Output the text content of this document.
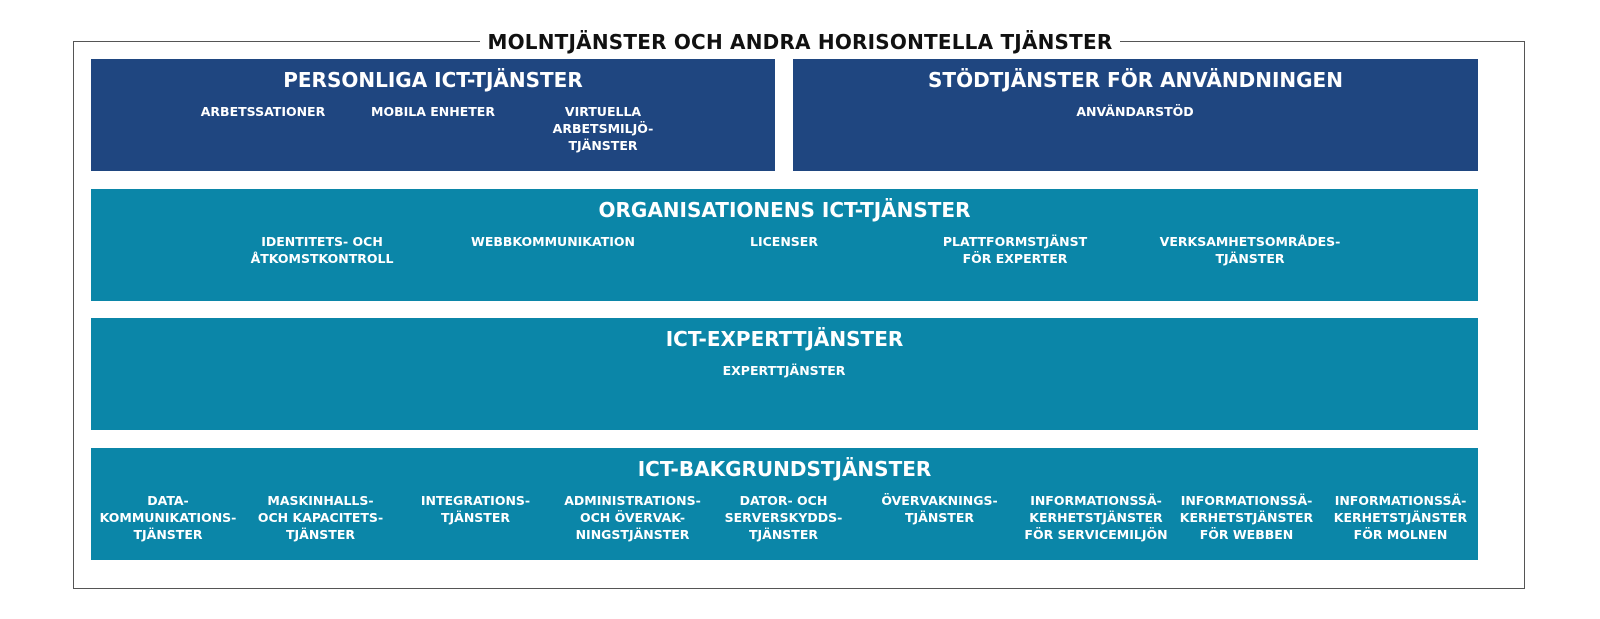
MOLNTJÄNSTER OCH ANDRA HORISONTELLA TJÄNSTER
PERSONLIGA ICT-TJÄNSTER
ARBETSSATIONER	MOBILA ENHETER	VIRTUELLA
ARBETSMILJÖ-
TJÄNSTER
STÖDTJÄNSTER FÖR ANVÄNDNINGEN
ANVÄNDARSTÖD
ORGANISATIONENS ICT-TJÄNSTER
IDENTITETS- OCH
ÅTKOMSTKONTROLL
WEBBKOMMUNIKATION	LICENSER	PLATTFORMSTJÄNST
FÖR EXPERTER
VERKSAMHETSOMRÅDES-
TJÄNSTER
ICT-EXPERTTJÄNSTER
EXPERTTJÄNSTER
ICT-BAKGRUNDSTJÄNSTER
DATA-
KOMMUNIKATIONS-
TJÄNSTER
MASKINHALLS-
OCH KAPACITETS-
TJÄNSTER
INTEGRATIONS-
TJÄNSTER
ADMINISTRATIONS-
OCH ÖVERVAK-
NINGSTJÄNSTER
DATOR- OCH
SERVERSKYDDS-
TJÄNSTER
ÖVERVAKNINGS-
TJÄNSTER
INFORMATIONSSÄ-
KERHETSTJÄNSTER
FÖR SERVICEMILJÖN
INFORMATIONSSÄ-
KERHETSTJÄNSTER
FÖR WEBBEN
INFORMATIONSSÄ-
KERHETSTJÄNSTER
FÖR MOLNEN
